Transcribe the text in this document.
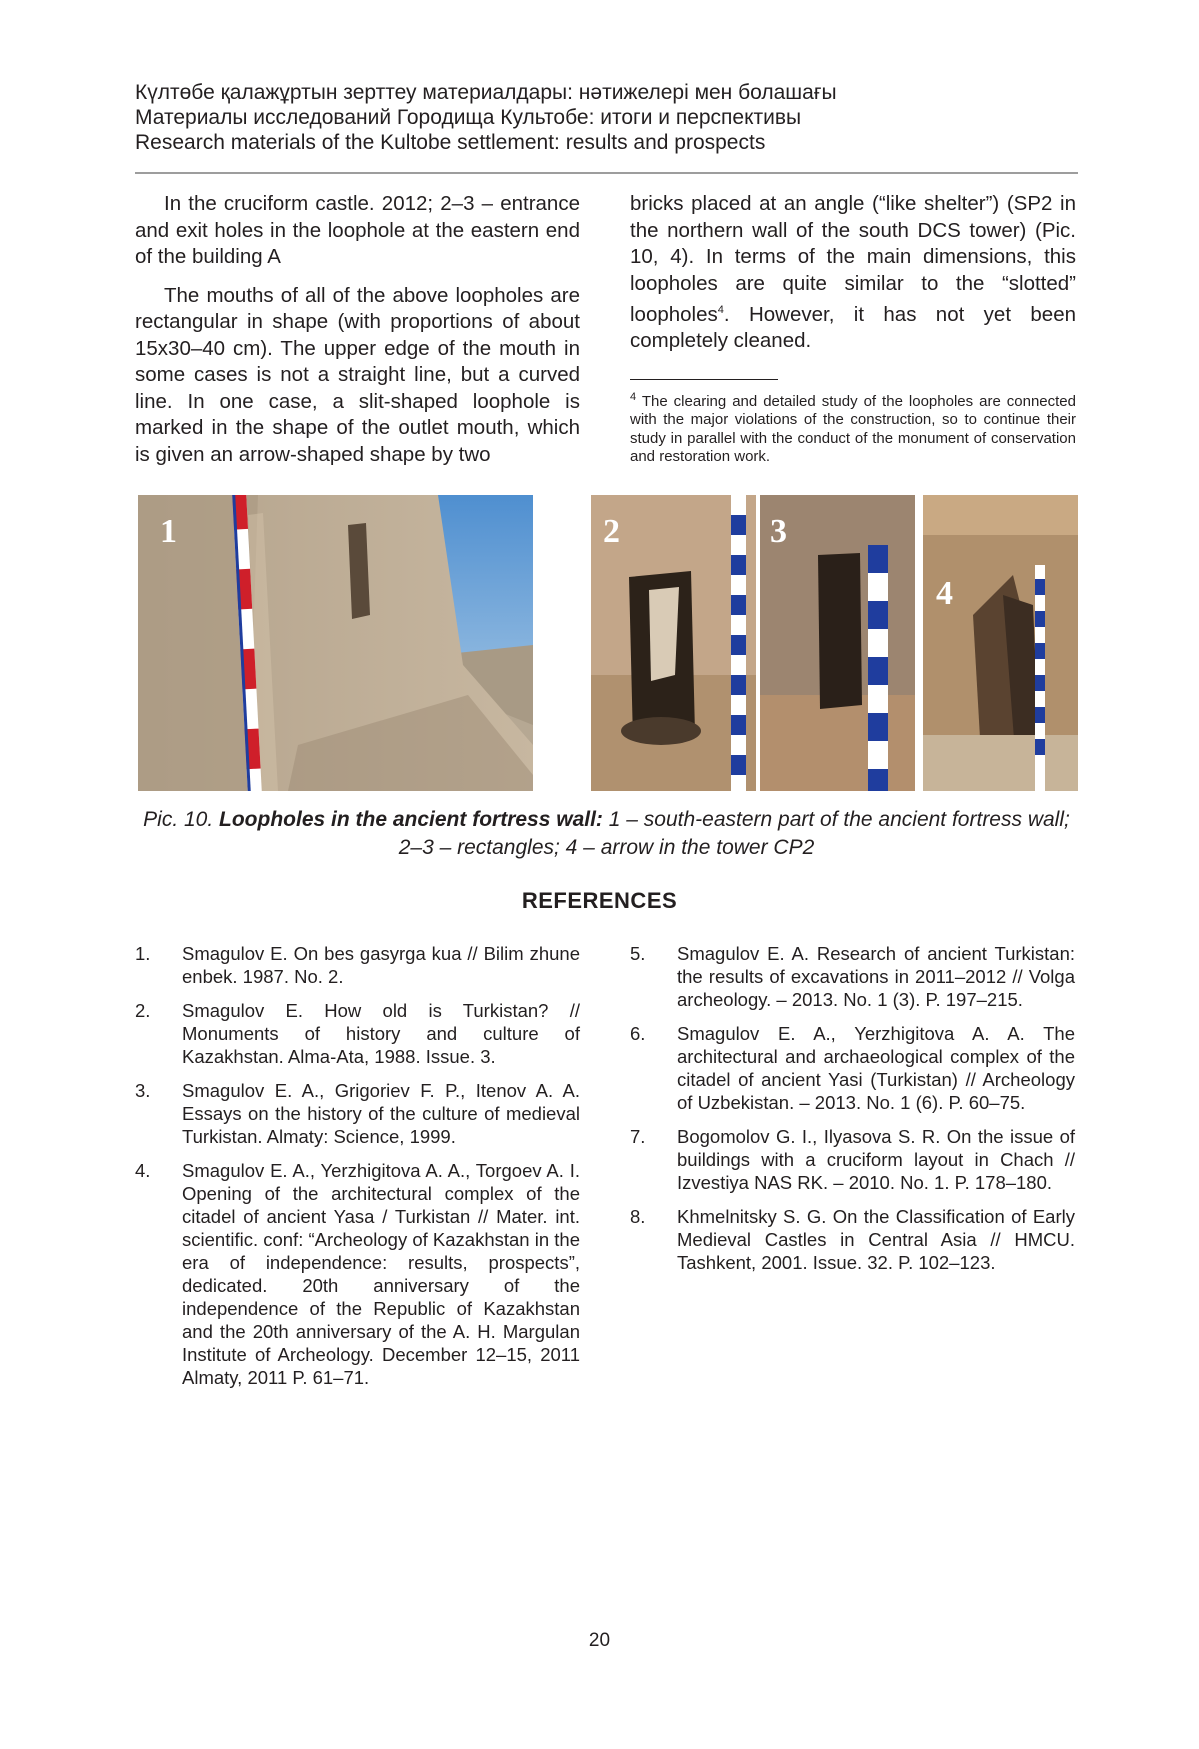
Күлтөбе қалажұртын зерттеу материалдары: нәтижелері мен болашағы
Материалы исследований Городища Культобе: итоги и перспективы
Research materials of the Kultobe settlement: results and prospects

In the cruciform castle. 2012; 2–3 – entrance and exit holes in the loophole at the eastern end of the building A

The mouths of all of the above loopholes are rectangular in shape (with proportions of about 15x30–40 cm). The upper edge of the mouth in some cases is not a straight line, but a curved line. In one case, a slit-shaped loophole is marked in the shape of the outlet mouth, which is given an arrow-shaped shape by two

bricks placed at an angle (“like shelter”) (SP2 in the northern wall of the south DCS tower) (Pic. 10, 4). In terms of the main dimensions, this loopholes are quite similar to the “slotted” loopholes$^4$. However, it has not yet been completely cleaned.

$^4$ The clearing and detailed study of the loopholes are connected with the major violations of the construction, so to continue their study in parallel with the conduct of the monument of conservation and restoration work.
1	2	3
4
Pic. 10. Loopholes in the ancient fortress wall: 1 – south-eastern part of the ancient fortress wall; 2–3 – rectangles; 4 – arrow in the tower CP2
REFERENCES
1. Smagulov E. On bes gasyrga kua // Bilim zhune enbek. 1987. No. 2.
2. Smagulov E. How old is Turkistan? // Monuments of history and culture of Kazakhstan. Alma-Ata, 1988. Issue. 3.
3. Smagulov E. A., Grigoriev F. P., Itenov A. A. Essays on the history of the culture of medieval Turkistan. Almaty: Science, 1999.
4. Smagulov E. A., Yerzhigitova A. A., Torgoev A. I. Opening of the architectural complex of the citadel of ancient Yasa / Turkistan // Mater. int. scientific. conf: “Archeology of Kazakhstan in the era of independence: results, prospects”, dedicated. 20th anniversary of the independence of the Republic of Kazakhstan and the 20th anniversary of the A. H. Margulan Institute of Archeology. December 12–15, 2011 Almaty, 2011 P. 61–71.
5. Smagulov E. A. Research of ancient Turkistan: the results of excavations in 2011–2012 // Volga archeology. – 2013. No. 1 (3). P. 197–215.
6. Smagulov E. A., Yerzhigitova A. A. The architectural and archaeological complex of the citadel of ancient Yasi (Turkistan) // Archeology of Uzbekistan. – 2013. No. 1 (6). P. 60–75.
7. Bogomolov G. I., Ilyasova S. R. On the issue of buildings with a cruciform layout in Chach // Izvestiya NAS RK. – 2010. No. 1. P. 178–180.
8. Khmelnitsky S. G. On the Classification of Early Medieval Castles in Central Asia // HMCU. Tashkent, 2001. Issue. 32. P. 102–123.
20
